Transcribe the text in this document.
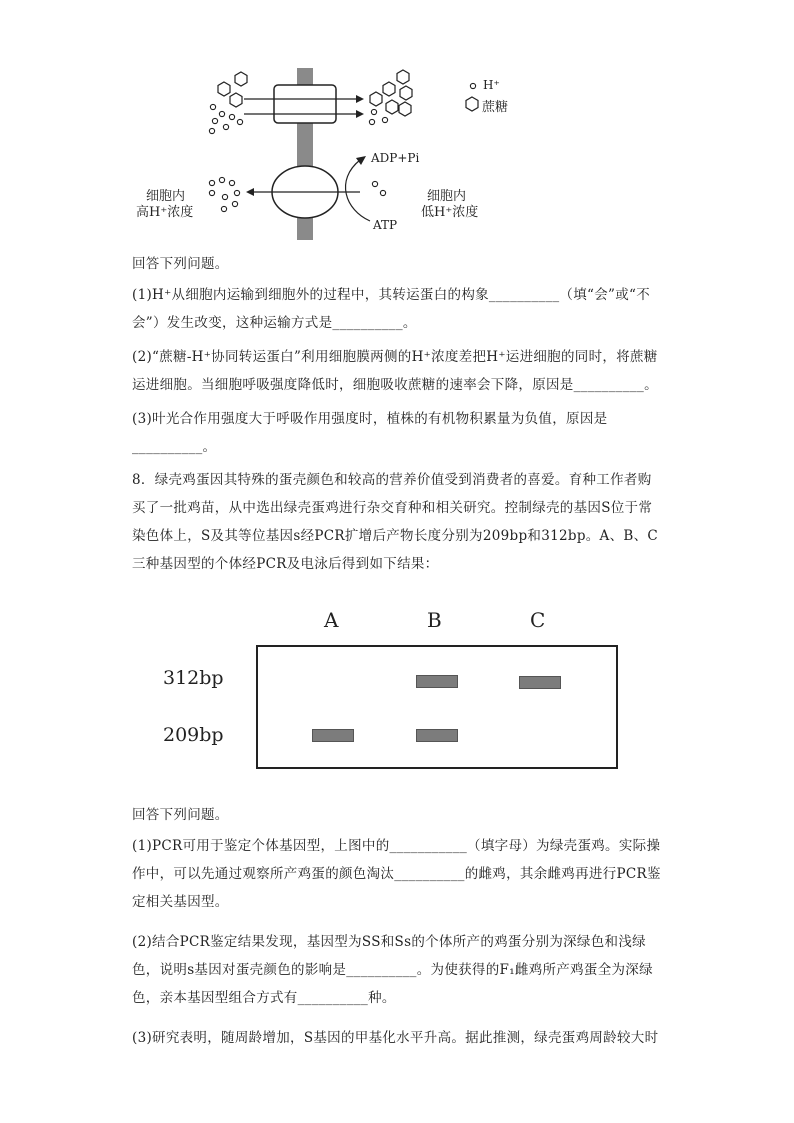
H⁺
蔗糖
ADP+Pi
ATP
细胞内
高H⁺浓度
细胞内
低H⁺浓度
回答下列问题。
(1)H⁺从细胞内运输到细胞外的过程中，其转运蛋白的构象__________（填“会”或“不会”）发生改变，这种运输方式是__________。
(2)“蔗糖-H⁺协同转运蛋白”利用细胞膜两侧的H⁺浓度差把H⁺运进细胞的同时，将蔗糖运进细胞。当细胞呼吸强度降低时，细胞吸收蔗糖的速率会下降，原因是__________。
(3)叶光合作用强度大于呼吸作用强度时，植株的有机物积累量为负值，原因是__________。
8．绿壳鸡蛋因其特殊的蛋壳颜色和较高的营养价值受到消费者的喜爱。育种工作者购买了一批鸡苗，从中选出绿壳蛋鸡进行杂交育种和相关研究。控制绿壳的基因S位于常染色体上，S及其等位基因s经PCR扩增后产物长度分别为209bp和312bp。A、B、C三种基因型的个体经PCR及电泳后得到如下结果：
A	B	C
312bp
209bp
回答下列问题。
(1)PCR可用于鉴定个体基因型，上图中的___________（填字母）为绿壳蛋鸡。实际操作中，可以先通过观察所产鸡蛋的颜色淘汰__________的雌鸡，其余雌鸡再进行PCR鉴定相关基因型。
(2)结合PCR鉴定结果发现，基因型为SS和Ss的个体所产的鸡蛋分别为深绿色和浅绿色，说明s基因对蛋壳颜色的影响是__________。为使获得的F₁雌鸡所产鸡蛋全为深绿色，亲本基因型组合方式有__________种。
(3)研究表明，随周龄增加，S基因的甲基化水平升高。据此推测，绿壳蛋鸡周龄较大时
